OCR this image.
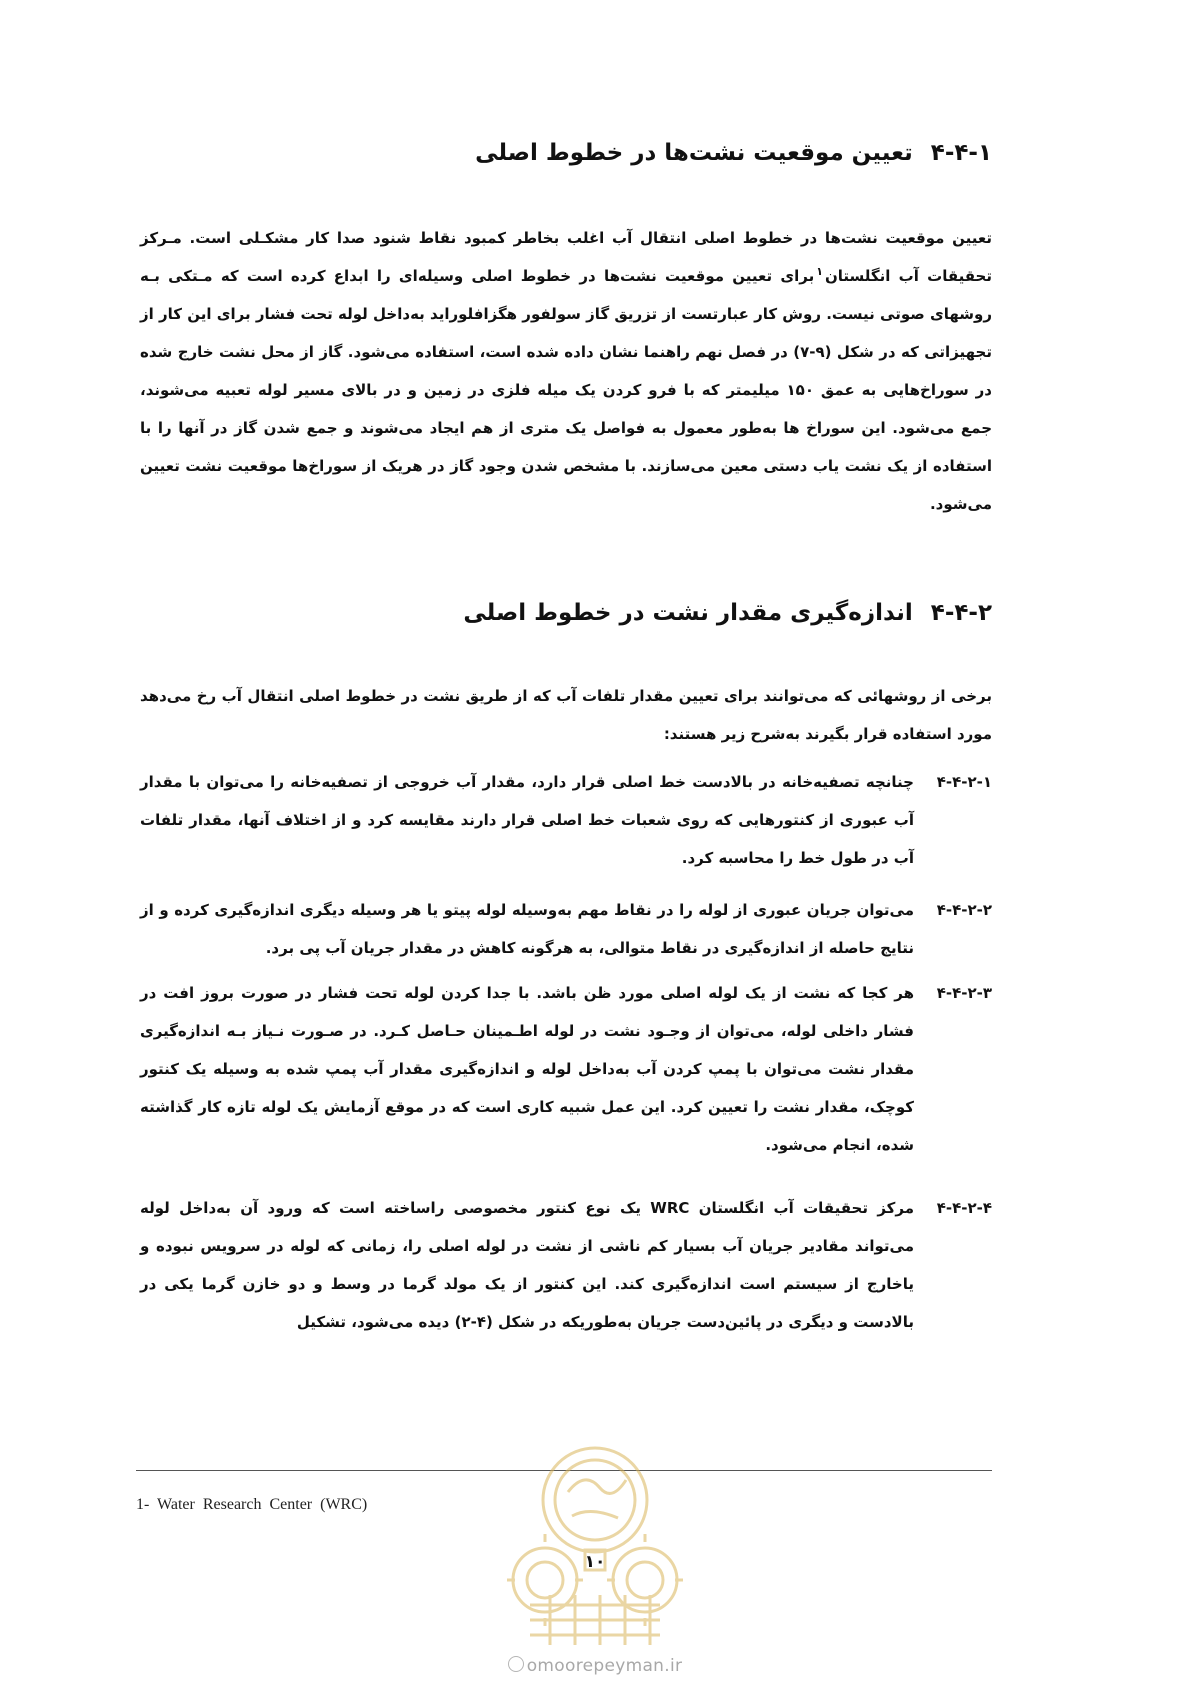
۴-۴-۱تعیین موقعیت نشت‌ها در خطوط اصلی
تعیین موقعیت نشت‌ها در خطوط اصلی انتقال آب اغلب بخاطر کمبود نقاط شنود صدا کار مشکـلی است. مـرکز تحقیقات آب انگلستان$^۱$برای تعیین موقعیت نشت‌ها در خطوط اصلی وسیله‌ای را ابداع کرده است که مـتکی بـه روشهای صوتی نیست. روش کار عبارتست از تزریق گاز سولفور هگزافلوراید به‌داخل لوله تحت فشار برای این کار از تجهیزاتی که در شکل (۹-۷) در فصل نهم راهنما نشان داده شده است، استفاده می‌شود. گاز از محل نشت خارج شده در سوراخ‌هایی به عمق ۱۵۰ میلیمتر که با فرو کردن یک میله فلزی در زمین و در بالای مسیر لوله تعبیه می‌شوند، جمع می‌شود. این سوراخ ها به‌طور معمول به فواصل یک متری از هم ایجاد می‌شوند و جمع شدن گاز در آنها را با استفاده از یک نشت یاب دستی معین می‌سازند. با مشخص شدن وجود گاز در هریک از سوراخ‌ها موقعیت نشت تعیین می‌شود.
۴-۴-۲اندازه‌گیری مقدار نشت در خطوط اصلی
برخی از روشهائی که می‌توانند برای تعیین مقدار تلفات آب که از طریق نشت در خطوط اصلی انتقال آب رخ می‌دهد مورد استفاده قرار بگیرند به‌شرح زیر هستند:
۴-۴-۲-۱
چنانچه تصفیه‌خانه در بالادست خط اصلی قرار دارد، مقدار آب خروجی از تصفیه‌خانه را می‌توان با مقدار آب عبوری از کنتورهایی که روی شعبات خط اصلی قرار دارند مقایسه کرد و از اختلاف آنها، مقدار تلفات آب در طول خط را محاسبه کرد.
۴-۴-۲-۲
می‌توان جریان عبوری از لوله را در نقاط مهم به‌وسیله لوله پیتو یا هر وسیله دیگری اندازه‌گیری کرده و از نتایج حاصله از اندازه‌گیری در نقاط متوالی، به هرگونه کاهش در مقدار جریان آب پی برد.
۴-۴-۲-۳
هر کجا که نشت از یک لوله اصلی مورد ظن باشد. با جدا کردن لوله تحت فشار در صورت بروز افت در فشار داخلی لوله، می‌توان از وجـود نشت در لوله اطـمینان حـاصل کـرد. در صـورت نـیاز بـه اندازه‌گیری مقدار نشت می‌توان با پمپ کردن آب به‌داخل لوله و اندازه‌گیری مقدار آب پمپ شده به وسیله یک کنتور کوچک، مقدار نشت را تعیین کرد. این عمل شبیه کاری است که در موقع آزمایش یک لوله تازه کار گذاشته شده، انجام می‌شود.
۴-۴-۲-۴
مرکز تحقیقات آب انگلستان WRC یک نوع کنتور مخصوصی راساخته است که ورود آن به‌داخل لوله می‌تواند مقادیر جریان آب بسیار کم ناشی از نشت در لوله اصلی را، زمانی که لوله در سرویس نبوده و یاخارج از سیستم است اندازه‌گیری کند. این کنتور از یک مولد گرما در وسط و دو خازن گرما یکی در بالادست و دیگری در پائین‌دست جریان به‌طوریکه در شکل (۴-۲) دیده می‌شود، تشکیل
1- Water Research Center (WRC)
۱۰
omoorepeyman.ir
